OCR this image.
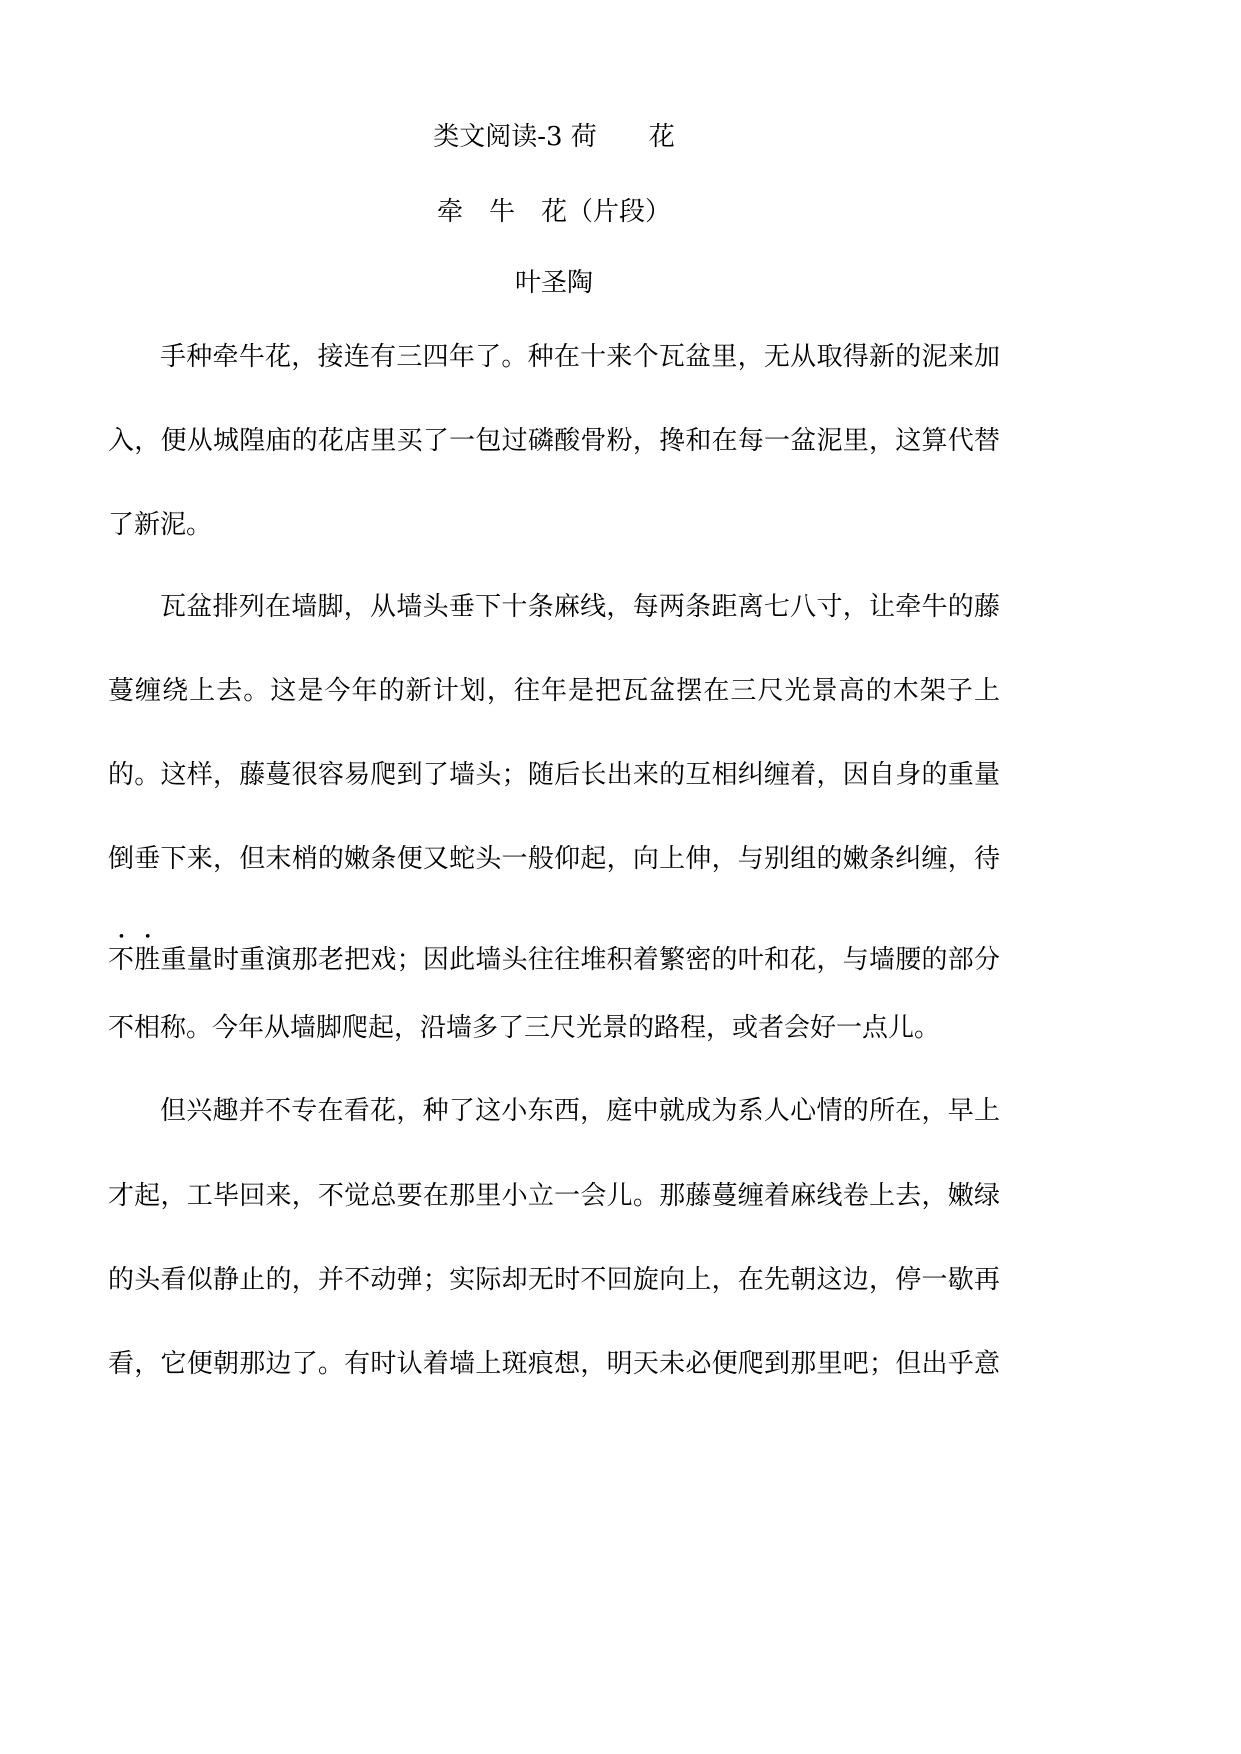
类文阅读-3 荷　　花
牵　牛　花（片段）
叶圣陶
手种牵牛花，接连有三四年了。种在十来个瓦盆里，无从取得新的泥来加
入，便从城隍庙的花店里买了一包过磷酸骨粉，搀和在每一盆泥里，这算代替
了新泥。
瓦盆排列在墙脚，从墙头垂下十条麻线，每两条距离七八寸，让牵牛的藤
蔓缠绕上去。这是今年的新计划，往年是把瓦盆摆在三尺光景高的木架子上
的。这样，藤蔓很容易爬到了墙头；随后长出来的互相纠缠着，因自身的重量
倒垂下来，但末梢的嫩条便又蛇头一般仰起，向上伸，与别组的嫩条纠缠，待
不胜重量时重演那老把戏；因此墙头往往堆积着繁密的叶和花，与墙腰的部分
不相称。今年从墙脚爬起，沿墙多了三尺光景的路程，或者会好一点儿。
但兴趣并不专在看花，种了这小东西，庭中就成为系人心情的所在，早上
才起，工毕回来，不觉总要在那里小立一会儿。那藤蔓缠着麻线卷上去，嫩绿
的头看似静止的，并不动弹；实际却无时不回旋向上，在先朝这边，停一歇再
看，它便朝那边了。有时认着墙上斑痕想，明天未必便爬到那里吧；但出乎意
